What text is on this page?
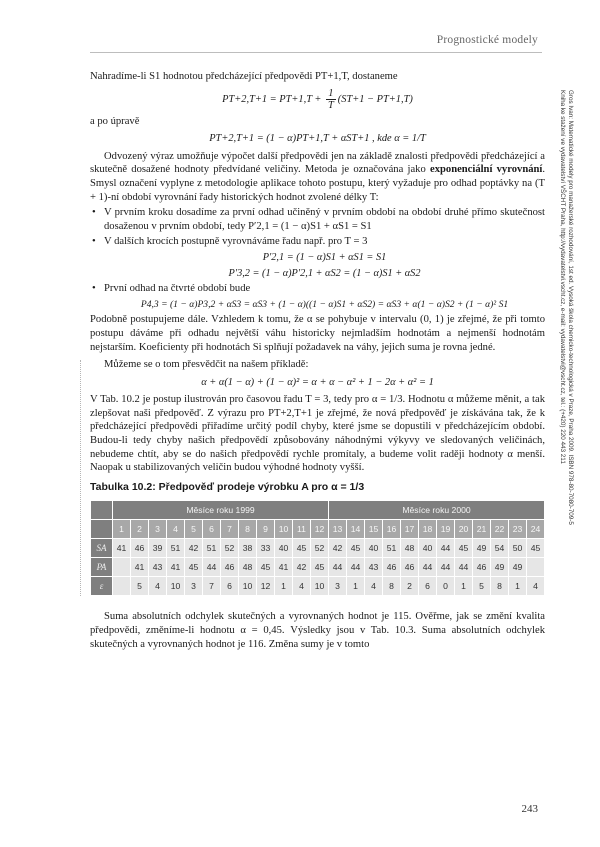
Prognostické modely
Gros Ivan: Matematické modely pro manažerské rozhodování, 1st ed. Vysoká škola chemicko-technologická v Praze, Praha 2009. ISBN 978-80-7080-709-5
Kniha ke stažení ve vydavatelství VŠCHT Praha, http://vydavatelstvi.vscht.cz, e-mail: vydavatelstvi@vscht.cz, tel.: (+420) 220 443 211
Nahradíme-li S1 hodnotou předcházející předpovědi PT+1,T, dostaneme
$PT+2,T+1 = PT+1,T + \frac{1}{T} (ST+1 - PT+1,T)$
a po úpravě
PT+2,T+1 = (1 − α)PT+1,T + αST+1 , kde α = 1/T
Odvozený výraz umožňuje výpočet další předpovědi jen na základě znalosti předpovědi předcházející a skutečně dosažené hodnoty předvídané veličiny. Metoda je označována jako exponenciální vyrovnání. Smysl označení vyplyne z metodologie aplikace tohoto postupu, který vyžaduje pro odhad poptávky na (T + 1)-ní období vyrovnání řady historických hodnot zvolené délky T:
• V prvním kroku dosadíme za první odhad učiněný v prvním období na období druhé přímo skutečnost dosaženou v prvním období, tedy P′2,1 = (1 − α)S1 + αS1 = S1
• V dalších krocích postupně vyrovnáváme řadu např. pro T = 3
P′2,1 = (1 − α)S1 + αS1 = S1
P′3,2 = (1 − α)P′2,1 + αS2 = (1 − α)S1 + αS2
• První odhad na čtvrté období bude
P4,3 = (1 − α)P3,2 + αS3 = αS3 + (1 − α)((1 − α)S1 + αS2) = αS3 + α(1 − α)S2 + (1 − α)² S1
Podobně postupujeme dále. Vzhledem k tomu, že α se pohybuje v intervalu (0, 1) je zřejmé, že při tomto postupu dáváme při odhadu největší váhu historicky nejmladším hodnotám a nejmenší hodnotám nejstarším. Koeficienty při hodnotách Si splňují požadavek na váhy, jejich suma je rovna jedné.
Můžeme se o tom přesvědčit na našem příkladě:
α + α(1 − α) + (1 − α)² = α + α − α² + 1 − 2α + α² = 1
V Tab. 10.2 je postup ilustrován pro časovou řadu T = 3, tedy pro α = 1/3. Hodnotu α můžeme měnit, a tak zlepšovat naši předpověď. Z výrazu pro PT+2,T+1 je zřejmé, že nová předpověď je získávána tak, že k předcházející předpovědi přiřadíme určitý podíl chyby, které jsme se dopustili v předcházejícím období. Budou-li tedy chyby našich předpovědí způsobovány náhodnými výkyvy ve sledovaných veličinách, nebudeme chtít, aby se do našich předpovědí rychle promítaly, a budeme volit raději hodnoty α menší. Naopak u stabilizovaných veličin budou výhodné hodnoty vyšší.
Tabulka 10.2: Předpověď prodeje výrobku A pro α = 1/3
	Měsíce roku 1999												Měsíce roku 2000											
	1	2	3	4	5	6	7	8	9	10	11	12	13	14	15	16	17	18	19	20	21	22	23	24
SA	41	46	39	51	42	51	52	38	33	40	45	52	42	45	40	51	48	40	44	45	49	54	50	45
PA		41	43	41	45	44	46	48	45	41	42	45	44	44	43	46	46	44	44	44	46	49	49	
ε		5	4	10	3	7	6	10	12	1	4	10	3	1	4	8	2	6	0	1	5	8	1	4
Suma absolutních odchylek skutečných a vyrovnaných hodnot je 115. Ověřme, jak se změní kvalita předpovědi, změníme-li hodnotu α = 0,45. Výsledky jsou v Tab. 10.3. Suma absolutních odchylek skutečných a vyrovnaných hodnot je 116. Změna sumy je v tomto
243
